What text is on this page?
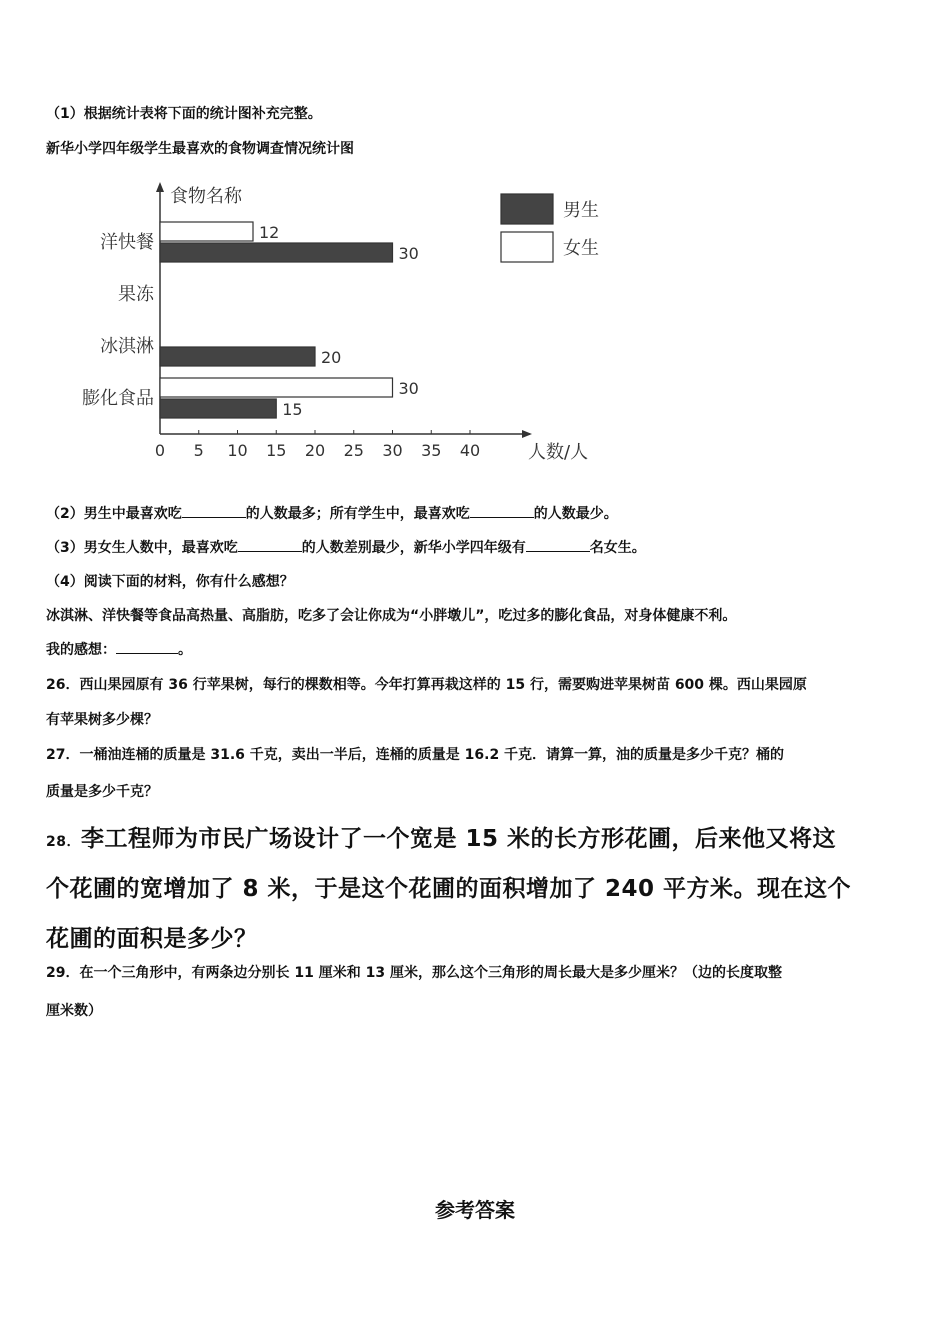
（1）根据统计表将下面的统计图补充完整。
新华小学四年级学生最喜欢的食物调查情况统计图
食物名称
人数/人
0 5 10 15 20 25 30 35 40
洋快餐	12
30
果冻
冰淇淋
20
膨化食品	30
15
男生
女生
（2）男生中最喜欢吃	的人数最多；所有学生中，最喜欢吃	的人数最少。
（3）男女生人数中，最喜欢吃	的人数差别最少，新华小学四年级有	名女生。
（4）阅读下面的材料，你有什么感想？
冰淇淋、洋快餐等食品高热量、高脂肪，吃多了会让你成为“小胖墩儿”，吃过多的膨化食品，对身体健康不利。
我的感想：	。
26．西山果园原有 36 行苹果树，每行的棵数相等。今年打算再栽这样的 15 行，需要购进苹果树苗 600 棵。西山果园原
有苹果树多少棵？
27．一桶油连桶的质量是 31.6 千克，卖出一半后，连桶的质量是 16.2 千克．请算一算，油的质量是多少千克？桶的
质量是多少千克？
28．李工程师为市民广场设计了一个宽是 15 米的长方形花圃，后来他又将这
个花圃的宽增加了 8 米，于是这个花圃的面积增加了 240 平方米。现在这个
花圃的面积是多少？
29．在一个三角形中，有两条边分别长 11 厘米和 13 厘米，那么这个三角形的周长最大是多少厘米？（边的长度取整
厘米数）
参考答案
